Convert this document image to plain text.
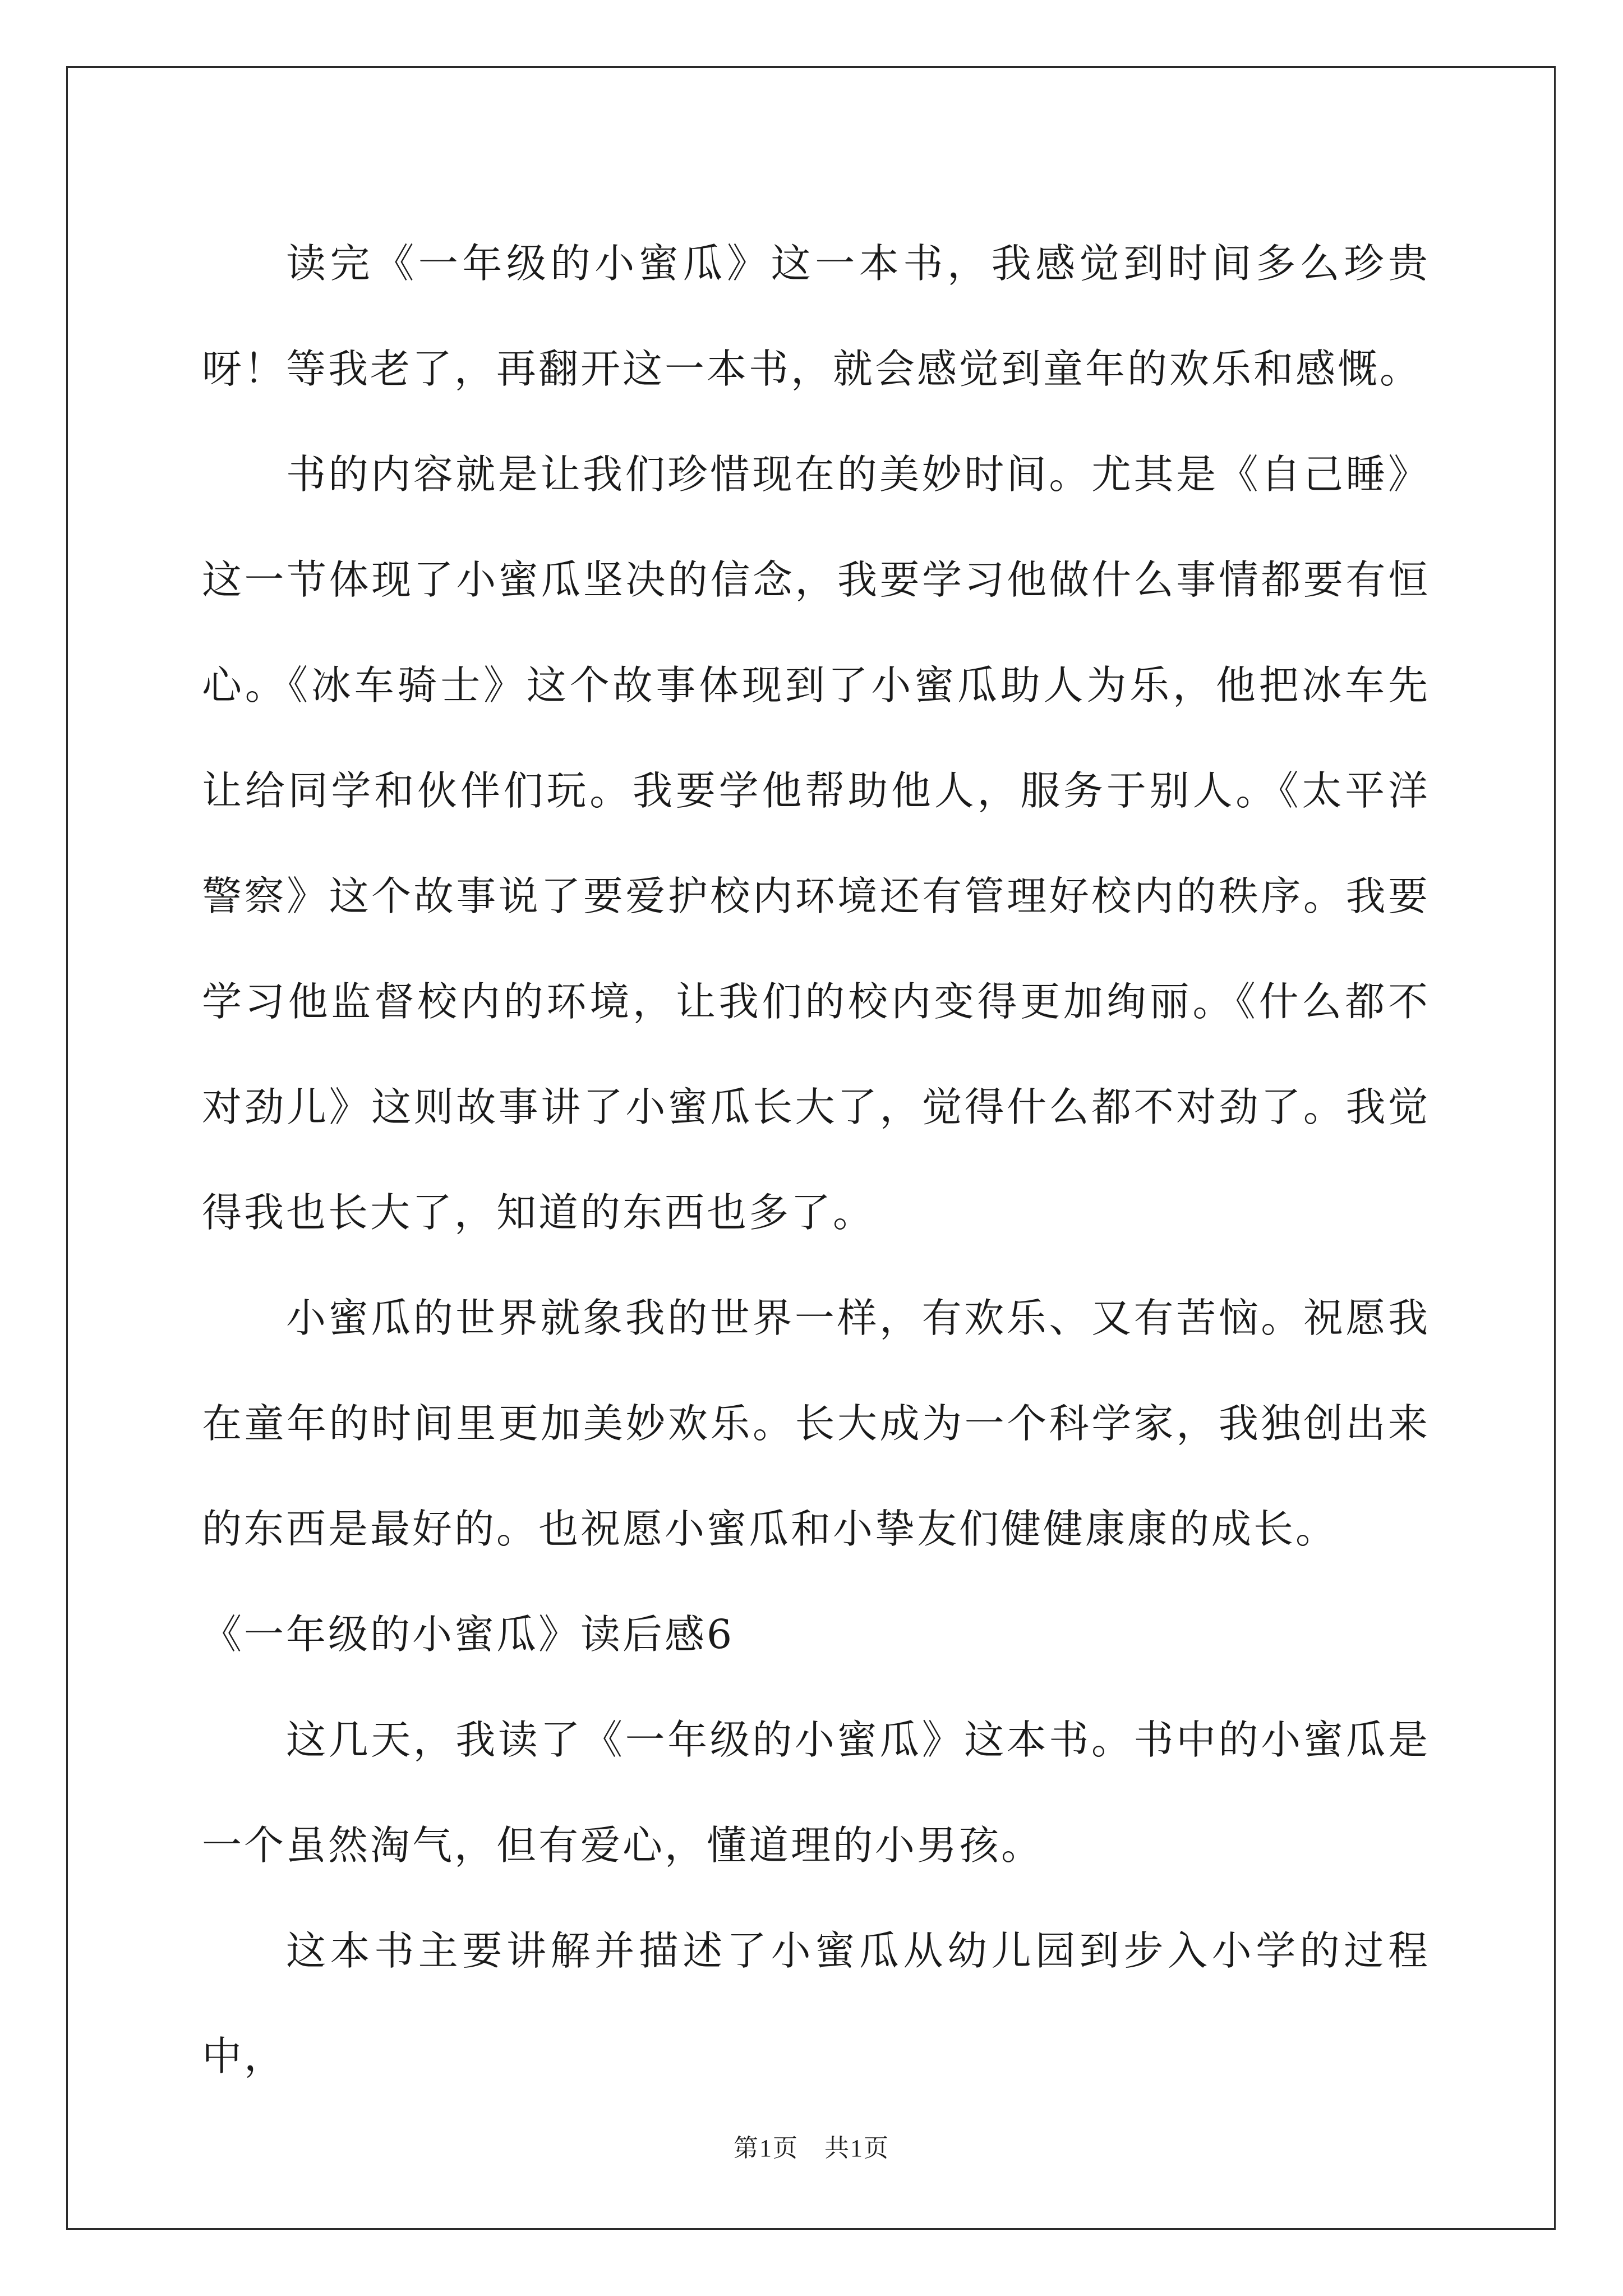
读完《一年级的小蜜瓜》这一本书，我感觉到时间多么珍贵呀！等我老了，再翻开这一本书，就会感觉到童年的欢乐和感慨。

书的内容就是让我们珍惜现在的美妙时间。尤其是《自己睡》这一节体现了小蜜瓜坚决的信念，我要学习他做什么事情都要有恒心。《冰车骑士》这个故事体现到了小蜜瓜助人为乐，他把冰车先让给同学和伙伴们玩。我要学他帮助他人，服务于别人。《太平洋警察》这个故事说了要爱护校内环境还有管理好校内的秩序。我要学习他监督校内的环境，让我们的校内变得更加绚丽。《什么都不对劲儿》这则故事讲了小蜜瓜长大了，觉得什么都不对劲了。我觉得我也长大了，知道的东西也多了。

小蜜瓜的世界就象我的世界一样，有欢乐、又有苦恼。祝愿我在童年的时间里更加美妙欢乐。长大成为一个科学家，我独创出来的东西是最好的。也祝愿小蜜瓜和小挚友们健健康康的成长。

《一年级的小蜜瓜》读后感6

这几天，我读了《一年级的小蜜瓜》这本书。书中的小蜜瓜是一个虽然淘气，但有爱心，懂道理的小男孩。

这本书主要讲解并描述了小蜜瓜从幼儿园到步入小学的过程中，

第1页　共1页
